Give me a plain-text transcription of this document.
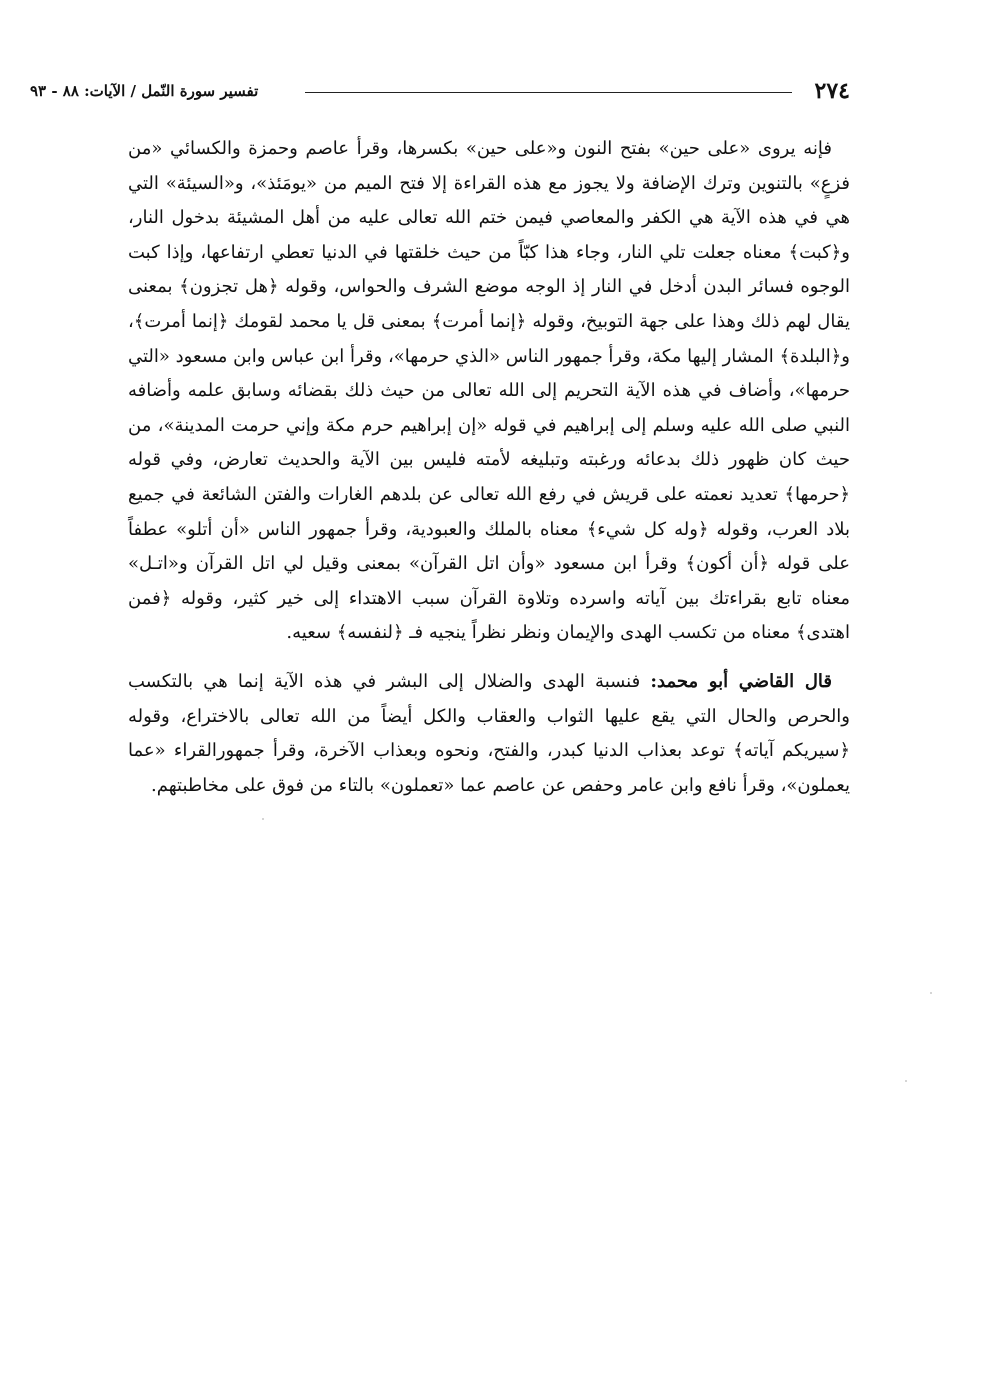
٢٧٤
تفسير سورة النّمل / الآيات: ٨٨ - ٩٣

فإنه يروى «على حين» بفتح النون و«على حين» بكسرها، وقرأ عاصم وحمزة والكسائي «من فزعٍ» بالتنوين وترك الإضافة ولا يجوز مع هذه القراءة إلا فتح الميم من «يومَئذ»، و«السيئة» التي هي في هذه الآية هي الكفر والمعاصي فيمن ختم الله تعالى عليه من أهل المشيئة بدخول النار، و﴿كبت﴾ معناه جعلت تلي النار، وجاء هذا كبّاً من حيث خلقتها في الدنيا تعطي ارتفاعها، وإذا كبت الوجوه فسائر البدن أدخل في النار إذ الوجه موضع الشرف والحواس، وقوله ﴿هل تجزون﴾ بمعنى يقال لهم ذلك وهذا على جهة التوبيخ، وقوله ﴿إنما أمرت﴾ بمعنى قل يا محمد لقومك ﴿إنما أمرت﴾، و﴿البلدة﴾ المشار إليها مكة، وقرأ جمهور الناس «الذي حرمها»، وقرأ ابن عباس وابن مسعود «التي حرمها»، وأضاف في هذه الآية التحريم إلى الله تعالى من حيث ذلك بقضائه وسابق علمه وأضافه النبي صلى الله عليه وسلم إلى إبراهيم في قوله «إن إبراهيم حرم مكة وإني حرمت المدينة»، من حيث كان ظهور ذلك بدعائه ورغبته وتبليغه لأمته فليس بين الآية والحديث تعارض، وفي قوله ﴿حرمها﴾ تعديد نعمته على قريش في رفع الله تعالى عن بلدهم الغارات والفتن الشائعة في جميع بلاد العرب، وقوله ﴿وله كل شيء﴾ معناه بالملك والعبودية، وقرأ جمهور الناس «أن أتلو» عطفاً على قوله ﴿أن أكون﴾ وقرأ ابن مسعود «وأن اتل القرآن» بمعنى وقيل لي اتل القرآن و«اتـل» معناه تابع بقراءتك بين آياته واسرده وتلاوة القرآن سبب الاهتداء إلى خير كثير، وقوله ﴿فمن اهتدى﴾ معناه من تكسب الهدى والإيمان ونظر نظراً ينجيه فـ ﴿لنفسه﴾ سعيه.

قال القاضي أبو محمد: فنسبة الهدى والضلال إلى البشر في هذه الآية إنما هي بالتكسب والحرص والحال التي يقع عليها الثواب والعقاب والكل أيضاً من الله تعالى بالاختراع، وقوله ﴿سيريكم آياته﴾ توعد بعذاب الدنيا كبدر، والفتح، ونحوه وبعذاب الآخرة، وقرأ جمهورالقراء «عما يعملون»، وقرأ نافع وابن عامر وحفص عن عاصم عما «تعملون» بالتاء من فوق على مخاطبتهم.
